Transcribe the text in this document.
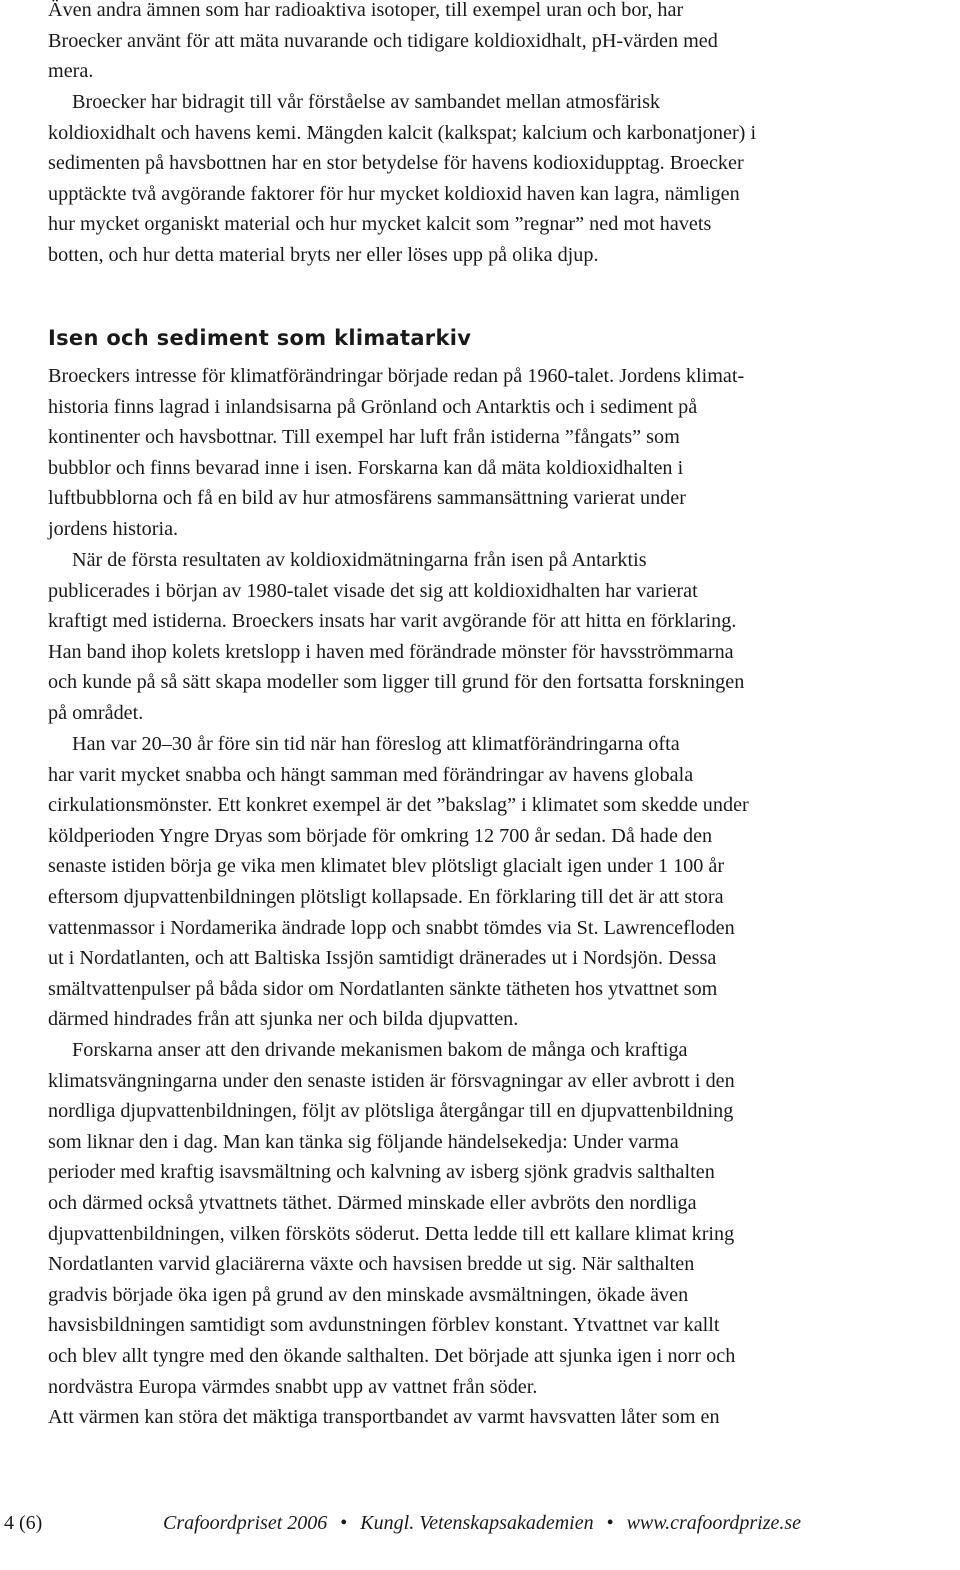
Även andra ämnen som har radioaktiva isotoper, till exempel uran och bor, har
Broecker använt för att mäta nuvarande och tidigare koldioxidhalt, pH-värden med
mera.
Broecker har bidragit till vår förståelse av sambandet mellan atmosfärisk
koldioxidhalt och havens kemi. Mängden kalcit (kalkspat; kalcium och karbonatjoner) i
sedimenten på havsbottnen har en stor betydelse för havens kodioxidupptag. Broecker
upptäckte två avgörande faktorer för hur mycket koldioxid haven kan lagra, nämligen
hur mycket organiskt material och hur mycket kalcit som ”regnar” ned mot havets
botten, och hur detta material bryts ner eller löses upp på olika djup.
Isen och sediment som klimatarkiv
Broeckers intresse för klimatförändringar började redan på 1960-talet. Jordens klimat-
historia finns lagrad i inlandsisarna på Grönland och Antarktis och i sediment på
kontinenter och havsbottnar. Till exempel har luft från istiderna ”fångats” som
bubblor och finns bevarad inne i isen. Forskarna kan då mäta koldioxidhalten i
luftbubblorna och få en bild av hur atmosfärens sammansättning varierat under
jordens historia.
När de första resultaten av koldioxidmätningarna från isen på Antarktis
publicerades i början av 1980-talet visade det sig att koldioxidhalten har varierat
kraftigt med istiderna. Broeckers insats har varit avgörande för att hitta en förklaring.
Han band ihop kolets kretslopp i haven med förändrade mönster för havsströmmarna
och kunde på så sätt skapa modeller som ligger till grund för den fortsatta forskningen
på området.
Han var 20–30 år före sin tid när han föreslog att klimatförändringarna ofta
har varit mycket snabba och hängt samman med förändringar av havens globala
cirkulationsmönster. Ett konkret exempel är det ”bakslag” i klimatet som skedde under
köldperioden Yngre Dryas som började för omkring 12 700 år sedan. Då hade den
senaste istiden börja ge vika men klimatet blev plötsligt glacialt igen under 1 100 år
eftersom djupvattenbildningen plötsligt kollapsade. En förklaring till det är att stora
vattenmassor i Nordamerika ändrade lopp och snabbt tömdes via St. Lawrencefloden
ut i Nordatlanten, och att Baltiska Issjön samtidigt dränerades ut i Nordsjön. Dessa
smältvattenpulser på båda sidor om Nordatlanten sänkte tätheten hos ytvattnet som
därmed hindrades från att sjunka ner och bilda djupvatten.
Forskarna anser att den drivande mekanismen bakom de många och kraftiga
klimatsvängningarna under den senaste istiden är försvagningar av eller avbrott i den
nordliga djupvattenbildningen, följt av plötsliga återgångar till en djupvattenbildning
som liknar den i dag. Man kan tänka sig följande händelsekedja: Under varma
perioder med kraftig isavsmältning och kalvning av isberg sjönk gradvis salthalten
och därmed också ytvattnets täthet. Därmed minskade eller avbröts den nordliga
djupvattenbildningen, vilken försköts söderut. Detta ledde till ett kallare klimat kring
Nordatlanten varvid glaciärerna växte och havsisen bredde ut sig. När salthalten
gradvis började öka igen på grund av den minskade avsmältningen, ökade även
havsisbildningen samtidigt som avdunstningen förblev konstant. Ytvattnet var kallt
och blev allt tyngre med den ökande salthalten. Det började att sjunka igen i norr och
nordvästra Europa värmdes snabbt upp av vattnet från söder.
Att värmen kan störa det mäktiga transportbandet av varmt havsvatten låter som en
4 (6)	Crafoordpriset 2006 • Kungl. Vetenskapsakademien • www.crafoordprize.se
